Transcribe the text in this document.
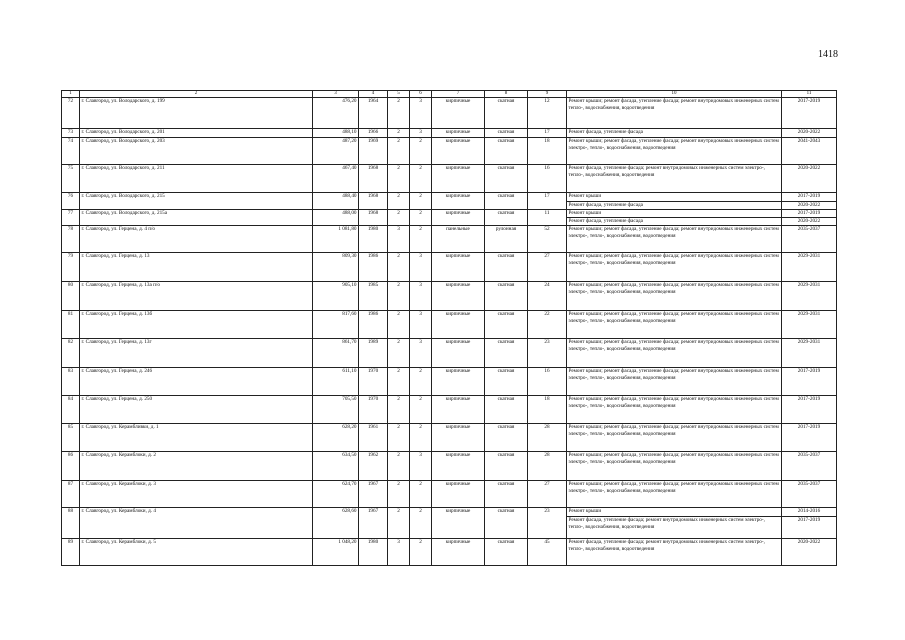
1418
1	2	3	4	5	6	7	8	9	10	11
72	г. Славгород, ул. Володарского, д. 199	476,20	1964	2	3	кирпичные	скатная	12	Ремонт крыши; ремонт фасада, утепление фасада; ремонт внутридомовых инженерных систем тепло-, водоснабжения, водоотведения	2017-2019
73	г. Славгород, ул. Володарского, д. 201	488,10	1966	2	3	кирпичные	скатная	17	Ремонт фасада, утепление фасада	2020-2022
74	г. Славгород, ул. Володарского, д. 203	487,20	1969	2	2	кирпичные	скатная	18	Ремонт крыши; ремонт фасада, утепление фасада; ремонт внутридомовых инженерных систем электро-, тепло-, водоснабжения, водоотведения	2041-2043
75	г. Славгород, ул. Володарского, д. 211	467,40	1968	2	2	кирпичные	скатная	16	Ремонт фасада, утепление фасада; ремонт внутридомовых инженерных систем электро-, тепло-, водоснабжения, водоотведения	2020-2022
76	г. Славгород, ул. Володарского, д. 215	488,40	1968	2	2	кирпичные	скатная	17	Ремонт крыши	2017-2019
									Ремонт фасада, утепление фасада	2020-2022
77	г. Славгород, ул. Володарского, д. 215а	488,00	1968	2	2	кирпичные	скатная	11	Ремонт крыши	2017-2019
									Ремонт фасада, утепление фасада	2020-2022
78	г. Славгород, ул. Герцена, д. 4 п/о	1 081,80	1980	3	2	панельные	рулонная	52	Ремонт крыши; ремонт фасада, утепление фасада; ремонт внутридомовых инженерных систем электро-, тепло-, водоснабжения, водоотведения	2035-2037
79	г. Славгород, ул. Герцена, д. 13	809,30	1986	2	3	кирпичные	скатная	27	Ремонт крыши; ремонт фасада, утепление фасада; ремонт внутридомовых инженерных систем электро-, тепло-, водоснабжения, водоотведения	2029-2031
80	г. Славгород, ул. Герцена, д. 13а п/о	905,10	1985	2	3	кирпичные	скатная	24	Ремонт крыши; ремонт фасада, утепление фасада; ремонт внутридомовых инженерных систем электро-, тепло-, водоснабжения, водоотведения	2029-2031
81	г. Славгород, ул. Герцена, д. 13б	817,60	1986	2	3	кирпичные	скатная	22	Ремонт крыши; ремонт фасада, утепление фасада; ремонт внутридомовых инженерных систем электро-, тепло-, водоснабжения, водоотведения	2029-2031
82	г. Славгород, ул. Герцена, д. 13г	861,70	1989	2	3	кирпичные	скатная	23	Ремонт крыши; ремонт фасада, утепление фасада; ремонт внутридомовых инженерных систем электро-, тепло-, водоснабжения, водоотведения	2029-2031
83	г. Славгород, ул. Герцена, д. 246	611,10	1970	2	2	кирпичные	скатная	16	Ремонт крыши; ремонт фасада, утепление фасада; ремонт внутридомовых инженерных систем электро-, тепло-, водоснабжения, водоотведения	2017-2019
84	г. Славгород, ул. Герцена, д. 250	705,50	1970	2	2	кирпичные	скатная	18	Ремонт крыши; ремонт фасада, утепление фасада; ремонт внутридомовых инженерных систем электро-, тепло-, водоснабжения, водоотведения	2017-2019
85	г. Славгород, ул. Керамбливки, д. 1	628,20	1961	2	2	кирпичные	скатная	28	Ремонт крыши; ремонт фасада, утепление фасада; ремонт внутридомовых инженерных систем электро-, тепло-, водоснабжения, водоотведения	2017-2019
86	г. Славгород, ул. Керамблоки, д. 2	634,50	1962	2	3	кирпичные	скатная	28	Ремонт крыши; ремонт фасада, утепление фасада; ремонт внутридомовых инженерных систем электро-, тепло-, водоснабжения, водоотведения	2035-2037
87	г. Славгород, ул. Керамблоки, д. 3	624,70	1967	2	2	кирпичные	скатная	27	Ремонт крыши; ремонт фасада, утепление фасада; ремонт внутридомовых инженерных систем электро-, тепло-, водоснабжения, водоотведения	2035-2037
88	г. Славгород, ул. Керамблоки, д. 4	628,60	1967	2	2	кирпичные	скатная	23	Ремонт крыши	2014-2016
									Ремонт фасада, утепление фасада; ремонт внутридомовых инженерных систем электро-, тепло-, водоснабжения, водоотведения	2017-2019
89	г. Славгород, ул. Керамблоки, д. 5	1 048,20	1980	3	2	кирпичные	скатная	45	Ремонт фасада, утепление фасада; ремонт внутридомовых инженерных систем электро-, тепло-, водоснабжения, водоотведения	2020-2022
